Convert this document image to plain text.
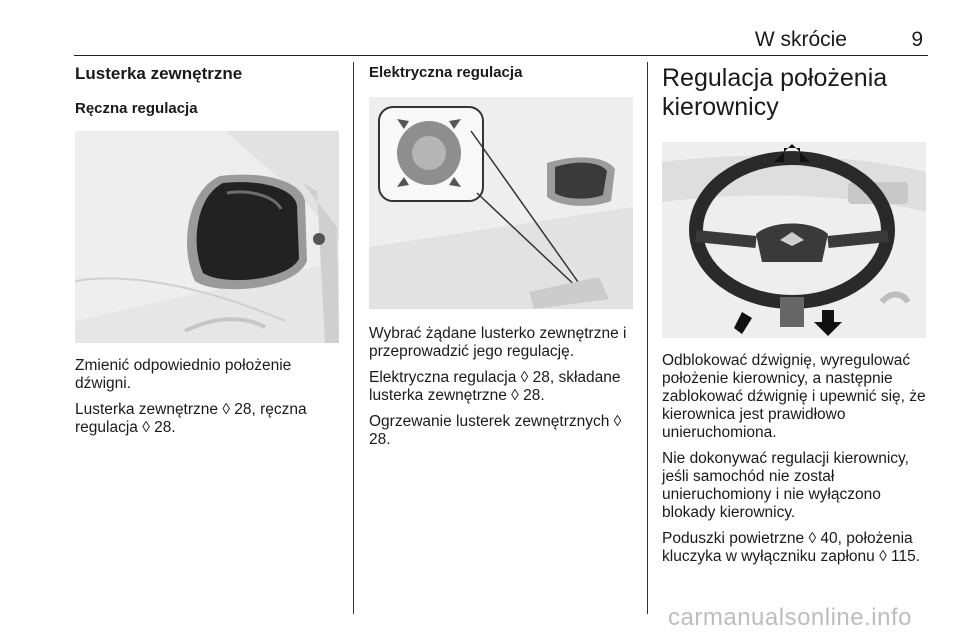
W skrócie	9

Lusterka zewnętrzne

Ręczna regulacja

Zmienić odpowiednio położenie dźwigni.

Lusterka zewnętrzne ◊ 28, ręczna regulacja ◊ 28.

Elektryczna regulacja

Wybrać żądane lusterko zewnętrzne i przeprowadzić jego regulację.

Elektryczna regulacja ◊ 28, składane lusterka zewnętrzne ◊ 28.

Ogrzewanie lusterek zewnętrznych ◊ 28.

Regulacja położenia kierownicy

Odblokować dźwignię, wyregulować położenie kierownicy, a następnie zablokować dźwignię i upewnić się, że kierownica jest prawidłowo unieruchomiona.

Nie dokonywać regulacji kierownicy, jeśli samochód nie został unieruchomiony i nie wyłączono blokady kierownicy.

Poduszki powietrzne ◊ 40, położenia kluczyka w wyłączniku zapłonu ◊ 115.

carmanualsonline.info
